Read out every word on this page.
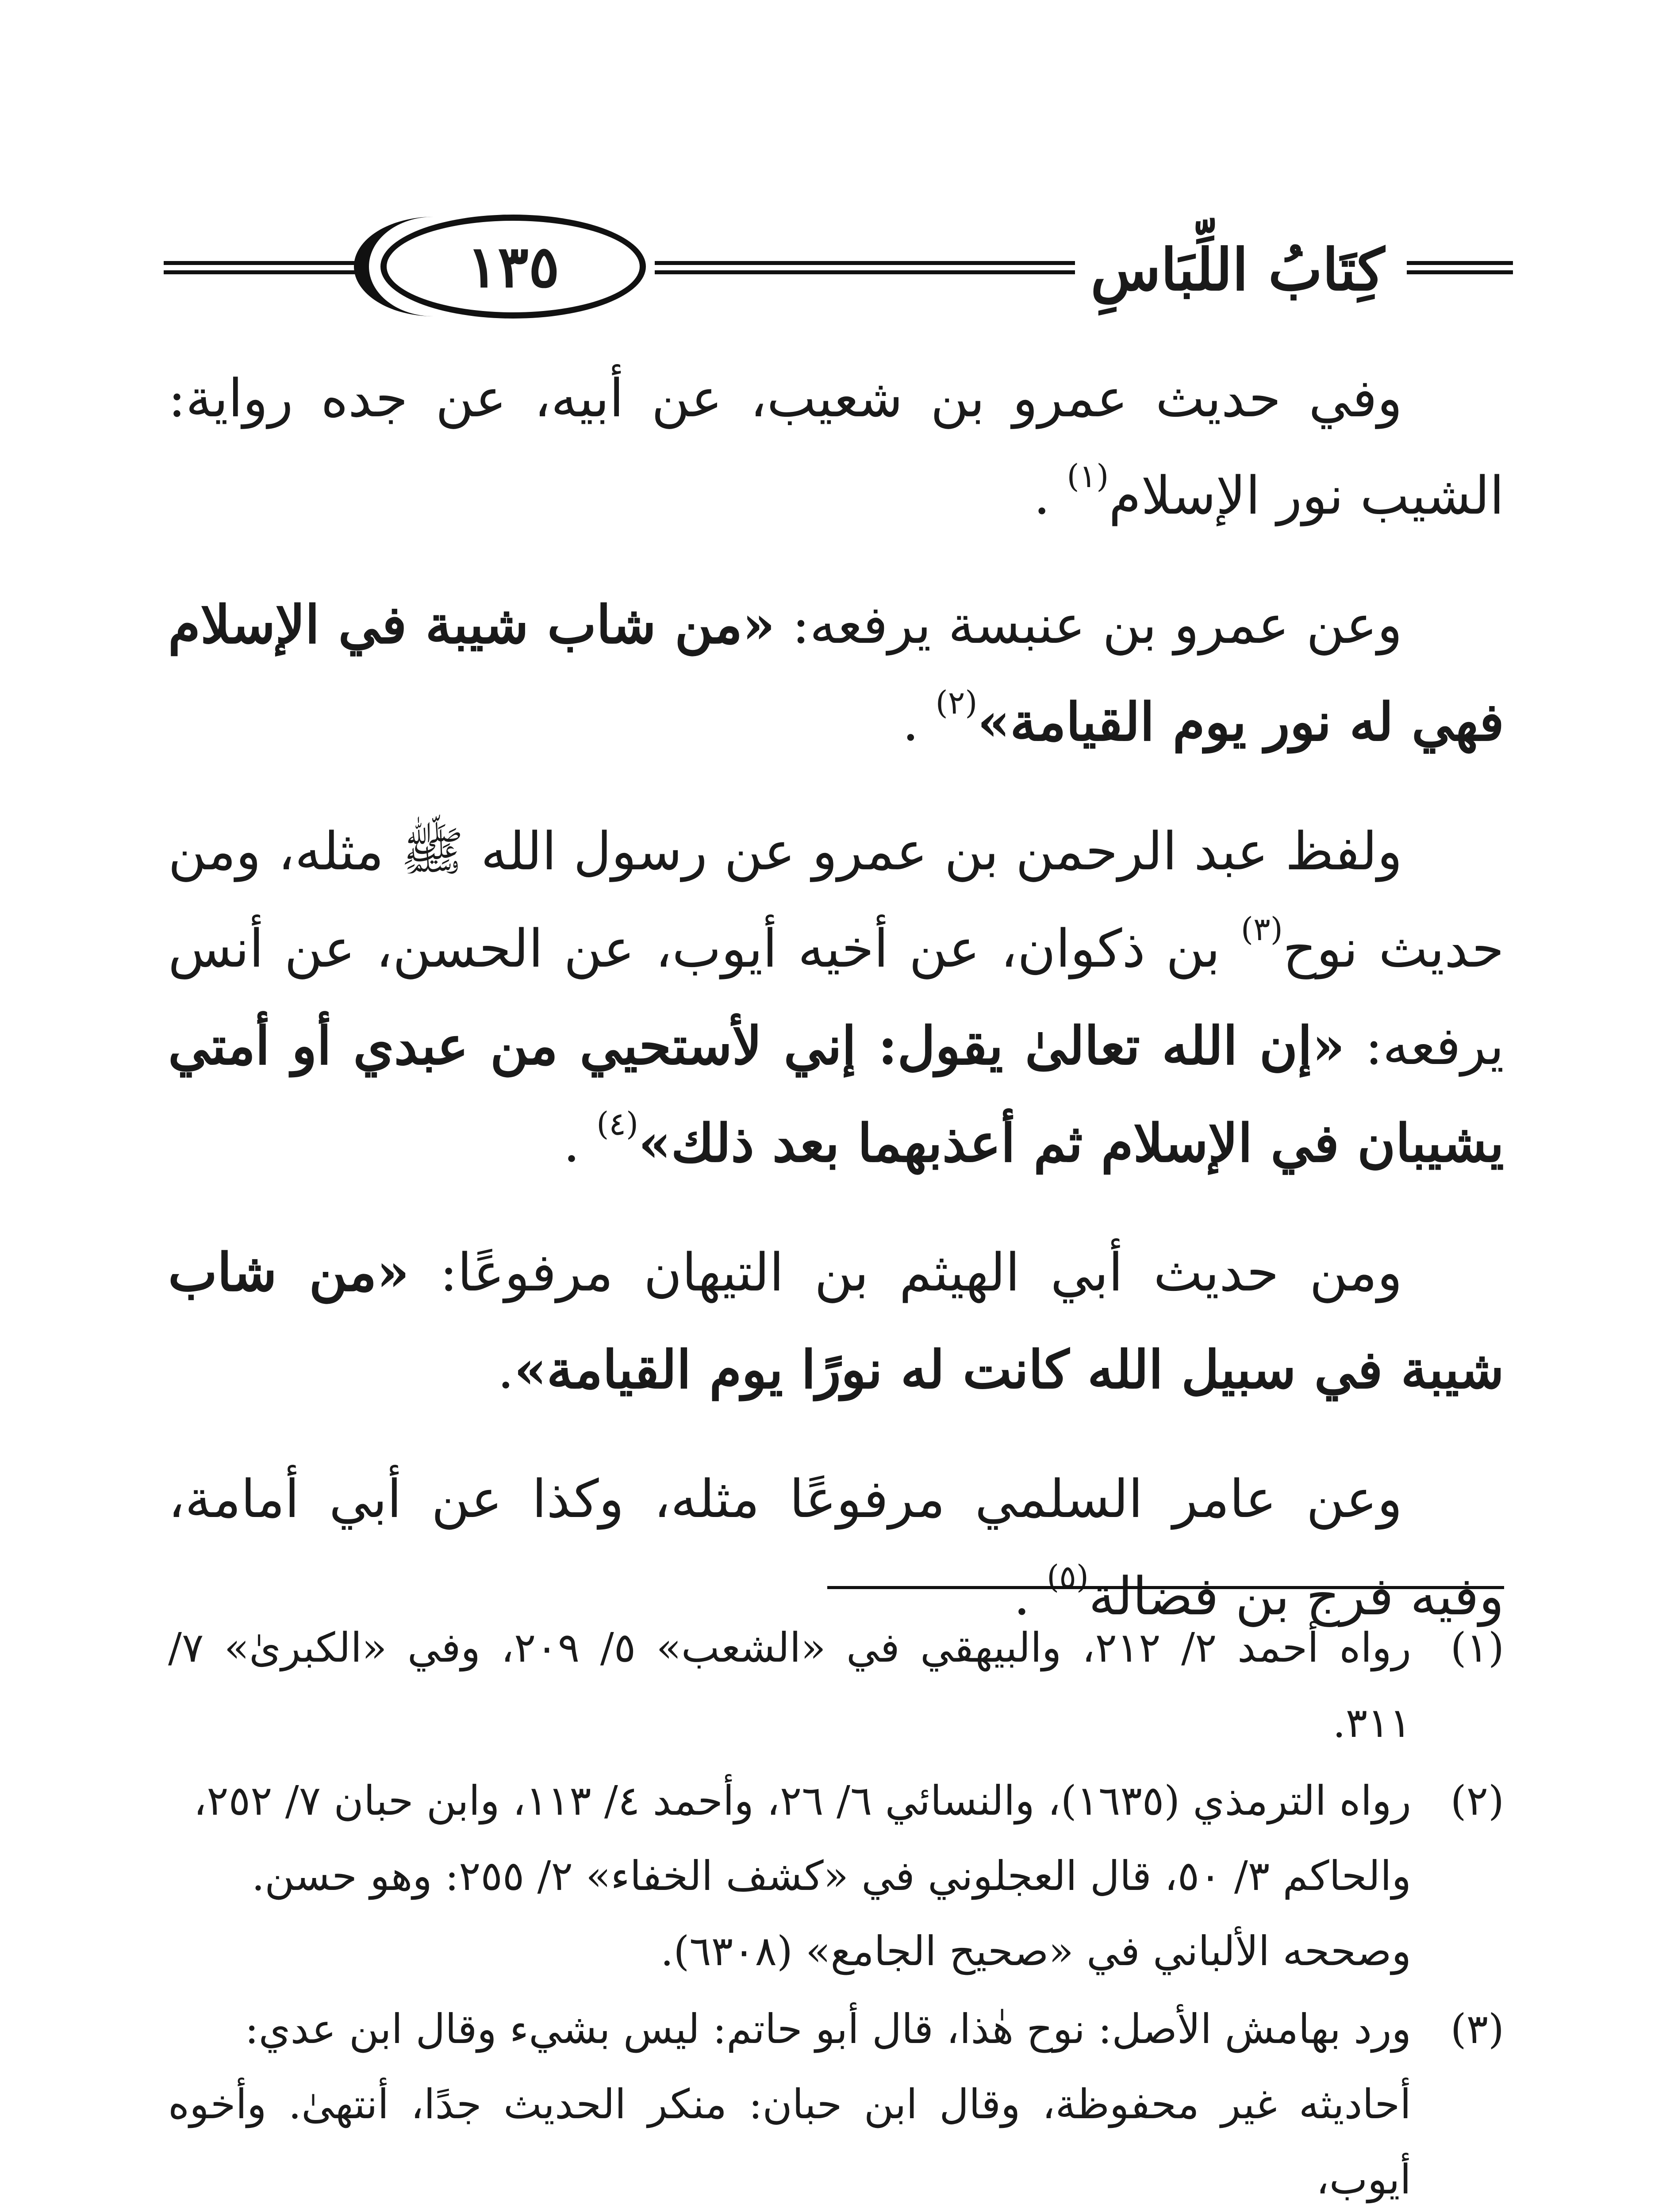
كِتَابُ اللِّبَاسِ
١٣٥

وفي حديث عمرو بن شعيب، عن أبيه، عن جده رواية: الشيب نور الإسلام$^{(١)}$ .

وعن عمرو بن عنبسة يرفعه: «من شاب شيبة في الإسلام فهي له نور يوم القيامة»$^{(٢)}$ .

ولفظ عبد الرحمن بن عمرو عن رسول الله ﷺ مثله، ومن حديث نوح$^{(٣)}$ بن ذكوان، عن أخيه أيوب، عن الحسن، عن أنس يرفعه: «إن الله تعالىٰ يقول: إني لأستحيي من عبدي أو أمتي يشيبان في الإسلام ثم أعذبهما بعد ذلك»$^{(٤)}$ .

ومن حديث أبي الهيثم بن التيهان مرفوعًا: «من شاب شيبة في سبيل الله كانت له نورًا يوم القيامة».

وعن عامر السلمي مرفوعًا مثله، وكذا عن أبي أمامة، وفيه فرج بن فضالة$^{(٥)}$ .

(١)
رواه أحمد ٢/ ٢١٢، والبيهقي في «الشعب» ٥/ ٢٠٩، وفي «الكبرىٰ» ٧/ ٣١١.
(٢)
رواه الترمذي (١٦٣٥)، والنسائي ٦/ ٢٦، وأحمد ٤/ ١١٣، وابن حبان ٧/ ٢٥٢،
والحاكم ٣/ ٥٠، قال العجلوني في «كشف الخفاء» ٢/ ٢٥٥: وهو حسن.
وصححه الألباني في «صحيح الجامع» (٦٣٠٨).
(٣)
ورد بهامش الأصل: نوح هٰذا، قال أبو حاتم: ليس بشيء وقال ابن عدي:
أحاديثه غير محفوظة، وقال ابن حبان: منكر الحديث جدًا، أنتهىٰ. وأخوه أيوب،
